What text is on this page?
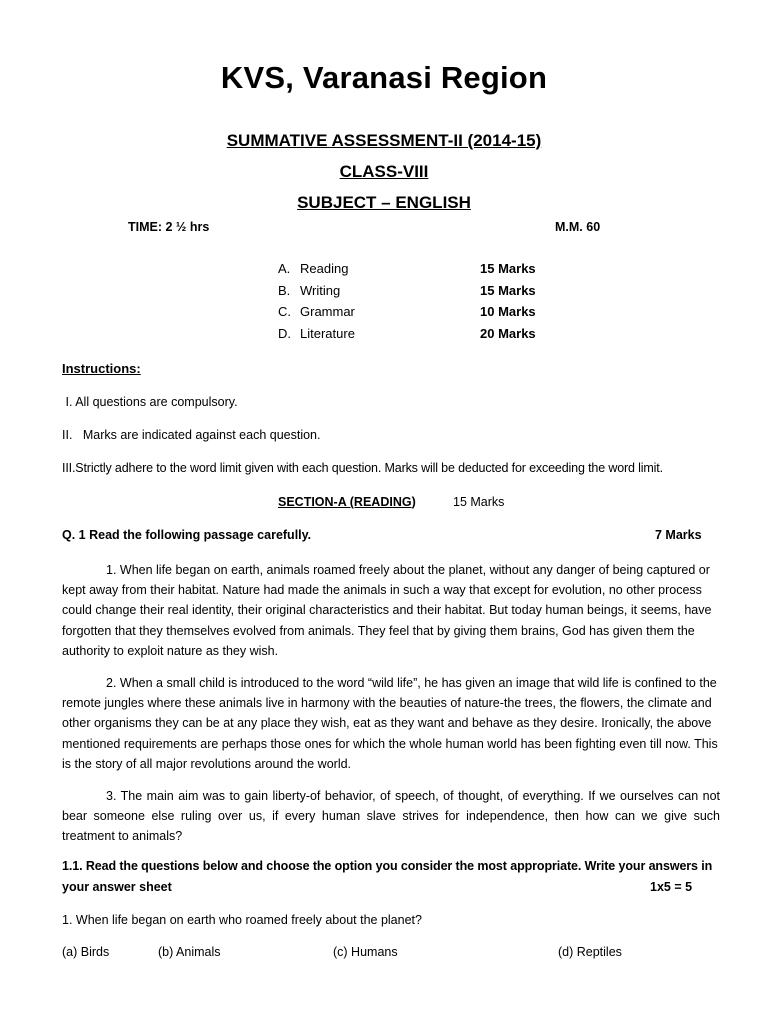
KVS, Varanasi Region
SUMMATIVE ASSESSMENT-II (2014-15)
CLASS-VIII
SUBJECT – ENGLISH
TIME: 2 ½ hrs	M.M. 60
A. Reading	15 Marks
B. Writing	15 Marks
C. Grammar	10 Marks
D. Literature	20 Marks
Instructions:
I. All questions are compulsory.
II.   Marks are indicated against each question.
III.Strictly adhere to the word limit given with each question. Marks will be deducted for exceeding the word limit.
SECTION-A (READING)	15 Marks
Q. 1 Read the following passage carefully.	7 Marks
1. When life began on earth, animals roamed freely about the planet, without any danger of being captured or kept away from their habitat. Nature had made the animals in such a way that except for evolution, no other process could change their real identity, their original characteristics and their habitat. But today human beings, it seems, have forgotten that they themselves evolved from animals. They feel that by giving them brains, God has given them the authority to exploit nature as they wish.
2. When a small child is introduced to the word “wild life”, he has given an image that wild life is confined to the remote jungles where these animals live in harmony with the beauties of nature-the trees, the flowers, the climate and other organisms they can be at any place they wish, eat as they want and behave as they desire. Ironically, the above mentioned requirements are perhaps those ones for which the whole human world has been fighting even till now. This is the story of all major revolutions around the world.
3. The main aim was to gain liberty-of behavior, of speech, of thought, of everything. If we ourselves can not bear someone else ruling over us, if every human slave strives for independence, then how can we give such treatment to animals?
1.1. Read the questions below and choose the option you consider the most appropriate. Write your answers in
your answer sheet	1x5 = 5
1. When life began on earth who roamed freely about the planet?
(a) Birds	(b) Animals	(c) Humans	(d) Reptiles
